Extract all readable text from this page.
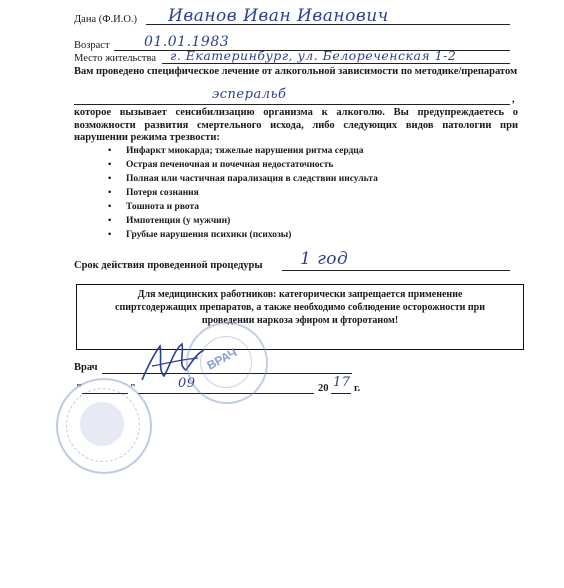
Дана (Ф.И.О.) Иванов Иван Иванович
Возраст 01.01.1983
Место жительства г. Екатеринбург, ул. Белореченская 1-2
Вам проведено специфическое лечение от алкогольной зависимости по методике/препаратом
эсперальб	,
которое вызывает сенсибилизацию организма к алкоголю. Вы предупреждаетесь о возможности развития смертельного исхода, либо следующих видов патологии при нарушении режима трезвости:
• Инфаркт миокарда; тяжелые нарушения ритма сердца
• Острая печеночная и почечная недостаточность
• Полная или частичная парализация в следствии инсульта
• Потеря сознания
• Тошнота и рвота
• Импотенция (у мужчин)
• Грубые нарушения психики (психозы)
Срок действия проведенной процедуры 1 год
Для медицинских работников: категорически запрещается применение
спиртсодержащих препаратов, а также необходимо соблюдение осторожности при
проведении наркоза эфиром и фторотаном!
Врач
"	"	09	20 17 г.
ВРАЧ
